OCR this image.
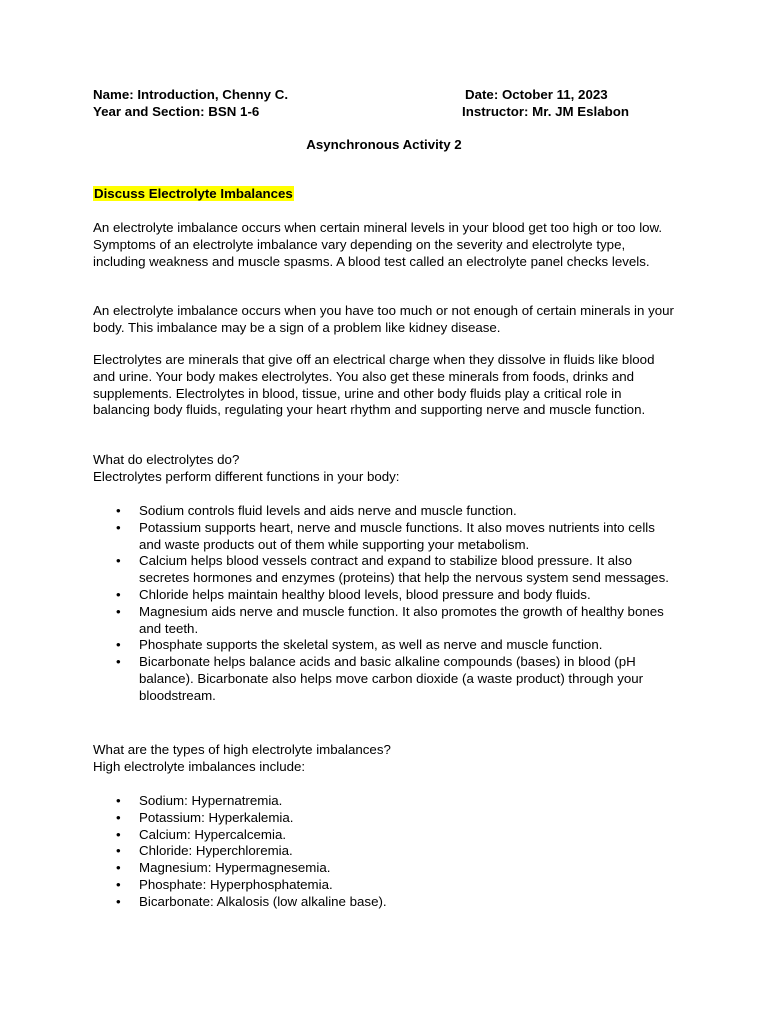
Name: Introduction, Chenny C.	Date: October 11, 2023
Year and Section: BSN 1-6	Instructor: Mr. JM Eslabon
Asynchronous Activity 2
Discuss Electrolyte Imbalances

An electrolyte imbalance occurs when certain mineral levels in your blood get too high or too low. Symptoms of an electrolyte imbalance vary depending on the severity and electrolyte type, including weakness and muscle spasms. A blood test called an electrolyte panel checks levels.

An electrolyte imbalance occurs when you have too much or not enough of certain minerals in your body. This imbalance may be a sign of a problem like kidney disease.

Electrolytes are minerals that give off an electrical charge when they dissolve in fluids like blood and urine. Your body makes electrolytes. You also get these minerals from foods, drinks and supplements. Electrolytes in blood, tissue, urine and other body fluids play a critical role in balancing body fluids, regulating your heart rhythm and supporting nerve and muscle function.

What do electrolytes do?
Electrolytes perform different functions in your body:
•	Sodium controls fluid levels and aids nerve and muscle function.
•	Potassium supports heart, nerve and muscle functions. It also moves nutrients into cells and waste products out of them while supporting your metabolism.
•	Calcium helps blood vessels contract and expand to stabilize blood pressure. It also secretes hormones and enzymes (proteins) that help the nervous system send messages.
•	Chloride helps maintain healthy blood levels, blood pressure and body fluids.
•	Magnesium aids nerve and muscle function. It also promotes the growth of healthy bones and teeth.
•	Phosphate supports the skeletal system, as well as nerve and muscle function.
•	Bicarbonate helps balance acids and basic alkaline compounds (bases) in blood (pH balance). Bicarbonate also helps move carbon dioxide (a waste product) through your bloodstream.
What are the types of high electrolyte imbalances?
High electrolyte imbalances include:
•	Sodium: Hypernatremia.
•	Potassium: Hyperkalemia.
•	Calcium: Hypercalcemia.
•	Chloride: Hyperchloremia.
•	Magnesium: Hypermagnesemia.
•	Phosphate: Hyperphosphatemia.
•	Bicarbonate: Alkalosis (low alkaline base).
